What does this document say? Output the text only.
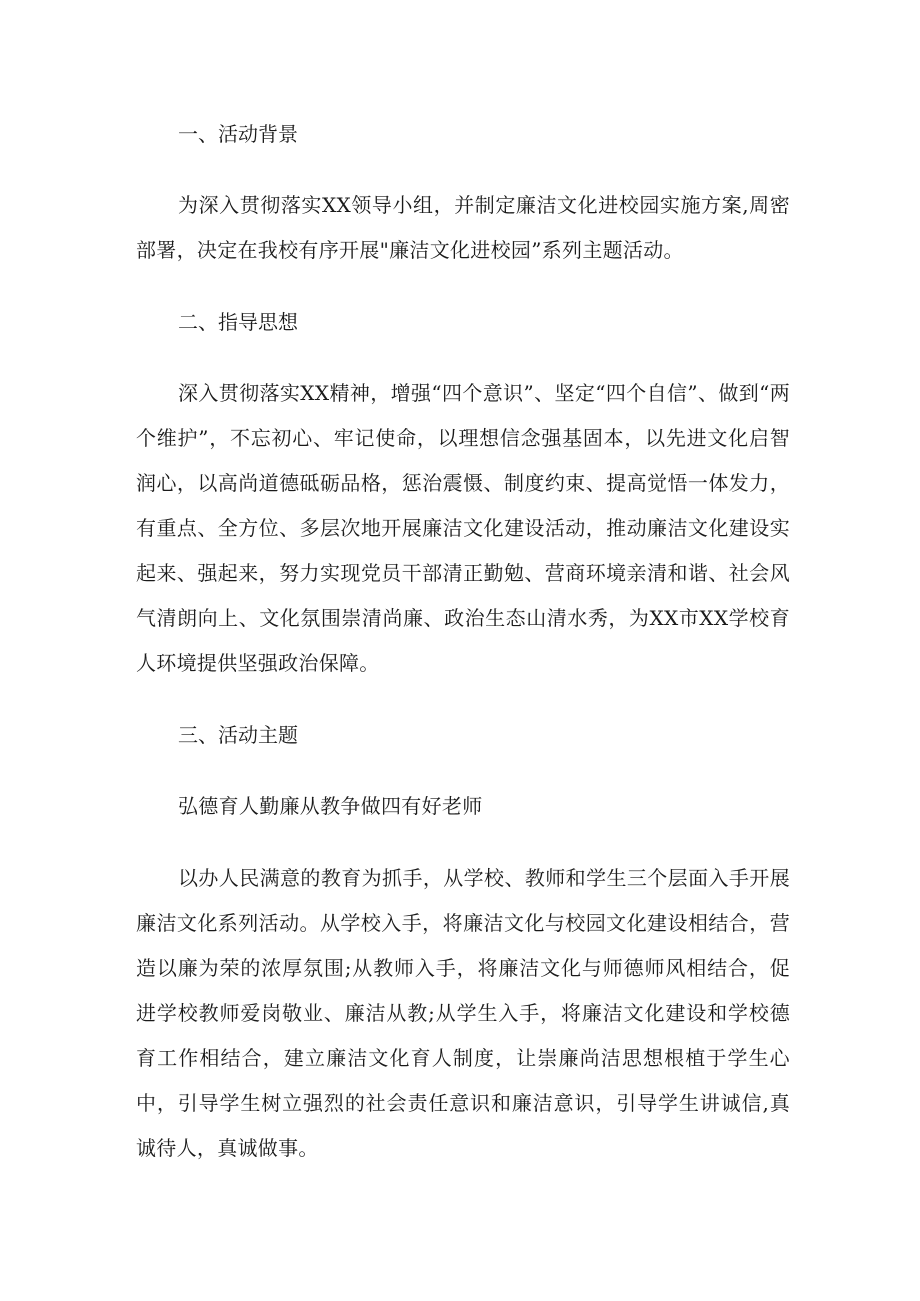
一、活动背景

为深入贯彻落实XX领导小组，并制定廉洁文化进校园实施方案,周密部署，决定在我校有序开展"廉洁文化进校园”系列主题活动。

二、指导思想

深入贯彻落实XX精神，增强“四个意识”、坚定“四个自信”、做到“两个维护”，不忘初心、牢记使命，以理想信念强基固本，以先进文化启智润心，以高尚道德砥砺品格，惩治震慑、制度约束、提高觉悟一体发力，有重点、全方位、多层次地开展廉洁文化建设活动，推动廉洁文化建设实起来、强起来，努力实现党员干部清正勤勉、营商环境亲清和谐、社会风气清朗向上、文化氛围崇清尚廉、政治生态山清水秀，为XX市XX学校育人环境提供坚强政治保障。

三、活动主题

弘德育人勤廉从教争做四有好老师

以办人民满意的教育为抓手，从学校、教师和学生三个层面入手开展廉洁文化系列活动。从学校入手，将廉洁文化与校园文化建设相结合，营造以廉为荣的浓厚氛围;从教师入手，将廉洁文化与师德师风相结合，促进学校教师爱岗敬业、廉洁从教;从学生入手，将廉洁文化建设和学校德育工作相结合，建立廉洁文化育人制度，让崇廉尚洁思想根植于学生心中，引导学生树立强烈的社会责任意识和廉洁意识，引导学生讲诚信,真诚待人，真诚做事。
